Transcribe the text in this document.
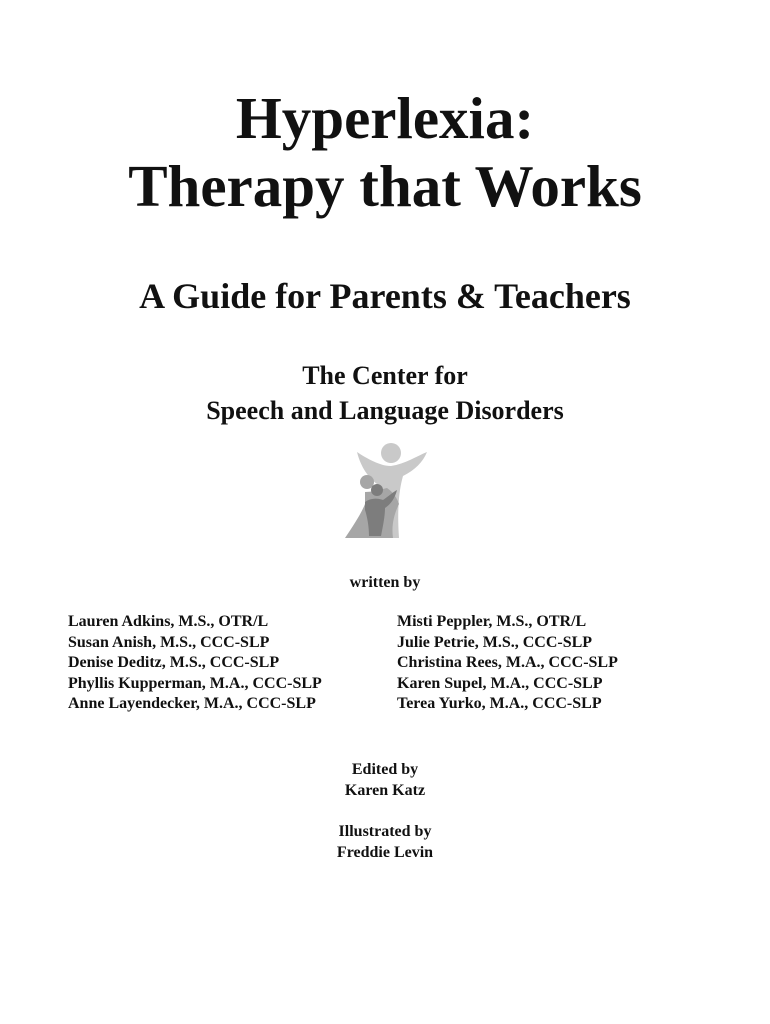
Hyperlexia:
Therapy that Works
A Guide for Parents & Teachers
The Center for
Speech and Language Disorders
written by
Lauren Adkins, M.S., OTR/L
Susan Anish, M.S., CCC-SLP
Denise Deditz, M.S., CCC-SLP
Phyllis Kupperman, M.A., CCC-SLP
Anne Layendecker, M.A., CCC-SLP
Misti Peppler, M.S., OTR/L
Julie Petrie, M.S., CCC-SLP
Christina Rees, M.A., CCC-SLP
Karen Supel, M.A., CCC-SLP
Terea Yurko, M.A., CCC-SLP
Edited by
Karen Katz
Illustrated by
Freddie Levin
